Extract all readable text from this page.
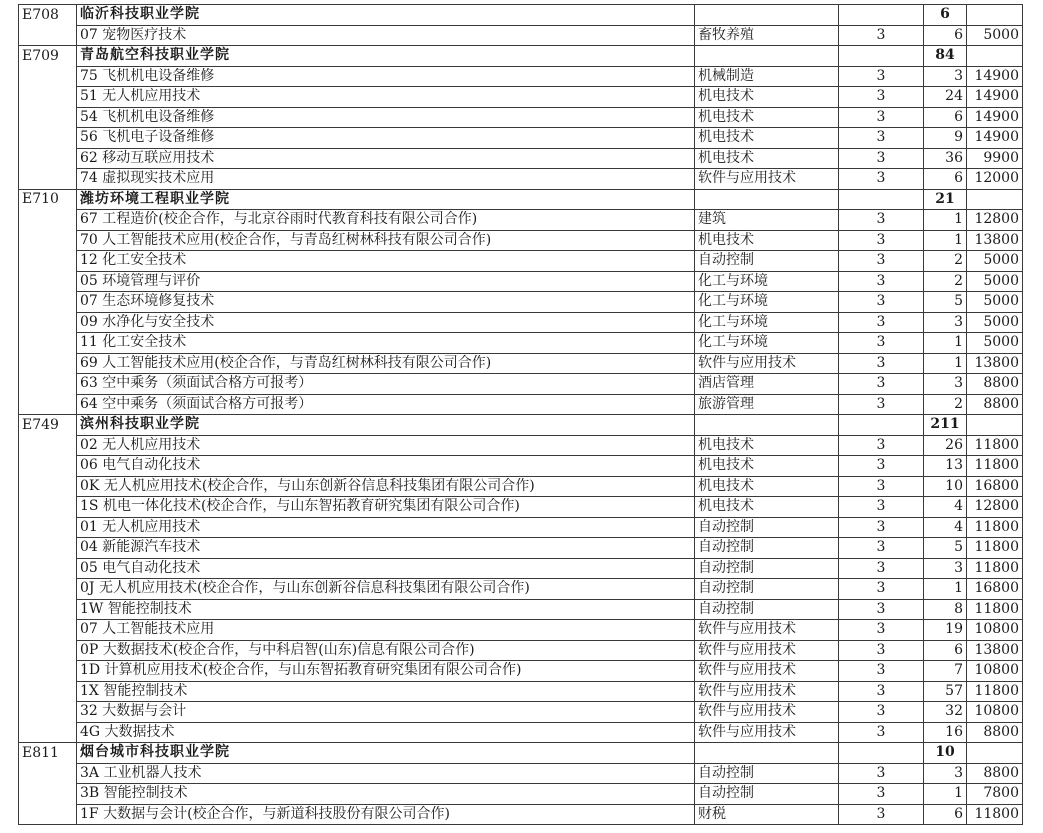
E708	临沂科技职业学院			6	
	07 宠物医疗技术	畜牧养殖	3	6	5000
E709	青岛航空科技职业学院			84	
	75 飞机机电设备维修	机械制造	3	3	14900
	51 无人机应用技术	机电技术	3	24	14900
	54 飞机机电设备维修	机电技术	3	6	14900
	56 飞机电子设备维修	机电技术	3	9	14900
	62 移动互联应用技术	机电技术	3	36	9900
	74 虚拟现实技术应用	软件与应用技术	3	6	12000
E710	潍坊环境工程职业学院			21	
	67 工程造价(校企合作，与北京谷雨时代教育科技有限公司合作)	建筑	3	1	12800
	70 人工智能技术应用(校企合作，与青岛红树林科技有限公司合作)	机电技术	3	1	13800
	12 化工安全技术	自动控制	3	2	5000
	05 环境管理与评价	化工与环境	3	2	5000
	07 生态环境修复技术	化工与环境	3	5	5000
	09 水净化与安全技术	化工与环境	3	3	5000
	11 化工安全技术	化工与环境	3	1	5000
	69 人工智能技术应用(校企合作，与青岛红树林科技有限公司合作)	软件与应用技术	3	1	13800
	63 空中乘务（须面试合格方可报考）	酒店管理	3	3	8800
	64 空中乘务（须面试合格方可报考）	旅游管理	3	2	8800
E749	滨州科技职业学院			211	
	02 无人机应用技术	机电技术	3	26	11800
	06 电气自动化技术	机电技术	3	13	11800
	0K 无人机应用技术(校企合作，与山东创新谷信息科技集团有限公司合作)	机电技术	3	10	16800
	1S 机电一体化技术(校企合作，与山东智拓教育研究集团有限公司合作)	机电技术	3	4	12800
	01 无人机应用技术	自动控制	3	4	11800
	04 新能源汽车技术	自动控制	3	5	11800
	05 电气自动化技术	自动控制	3	3	11800
	0J 无人机应用技术(校企合作，与山东创新谷信息科技集团有限公司合作)	自动控制	3	1	16800
	1W 智能控制技术	自动控制	3	8	11800
	07 人工智能技术应用	软件与应用技术	3	19	10800
	0P 大数据技术(校企合作，与中科启智(山东)信息有限公司合作)	软件与应用技术	3	6	13800
	1D 计算机应用技术(校企合作，与山东智拓教育研究集团有限公司合作)	软件与应用技术	3	7	10800
	1X 智能控制技术	软件与应用技术	3	57	11800
	32 大数据与会计	软件与应用技术	3	32	10800
	4G 大数据技术	软件与应用技术	3	16	8800
E811	烟台城市科技职业学院			10	
	3A 工业机器人技术	自动控制	3	3	8800
	3B 智能控制技术	自动控制	3	1	7800
	1F 大数据与会计(校企合作，与新道科技股份有限公司合作)	财税	3	6	11800
